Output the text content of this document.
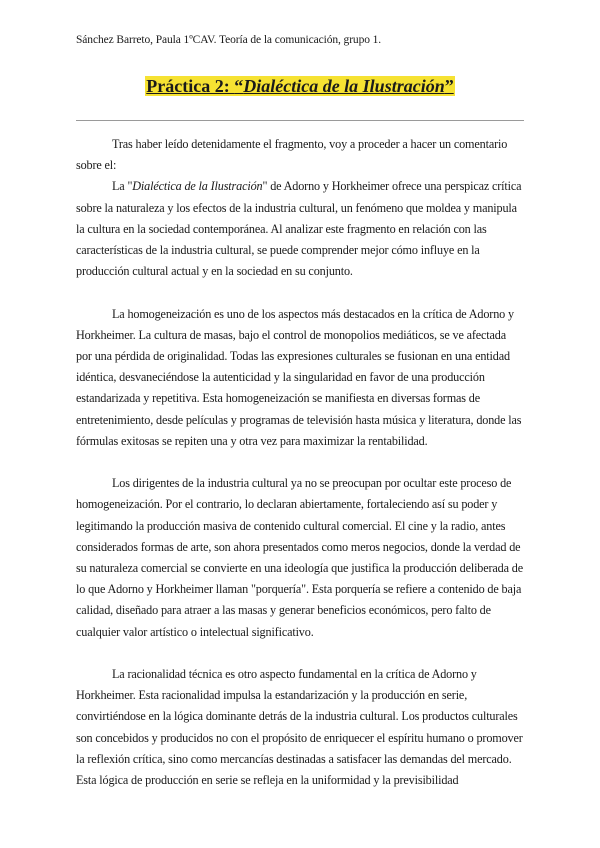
Sánchez Barreto, Paula 1ºCAV. Teoría de la comunicación, grupo 1.
Práctica 2: “Dialéctica de la Ilustración”

Tras haber leído detenidamente el fragmento, voy a proceder a hacer un comentario sobre el:

La "Dialéctica de la Ilustración" de Adorno y Horkheimer ofrece una perspicaz crítica sobre la naturaleza y los efectos de la industria cultural, un fenómeno que moldea y manipula la cultura en la sociedad contemporánea. Al analizar este fragmento en relación con las características de la industria cultural, se puede comprender mejor cómo influye en la producción cultural actual y en la sociedad en su conjunto.

La homogeneización es uno de los aspectos más destacados en la crítica de Adorno y Horkheimer. La cultura de masas, bajo el control de monopolios mediáticos, se ve afectada por una pérdida de originalidad. Todas las expresiones culturales se fusionan en una entidad idéntica, desvaneciéndose la autenticidad y la singularidad en favor de una producción estandarizada y repetitiva. Esta homogeneización se manifiesta en diversas formas de entretenimiento, desde películas y programas de televisión hasta música y literatura, donde las fórmulas exitosas se repiten una y otra vez para maximizar la rentabilidad.

Los dirigentes de la industria cultural ya no se preocupan por ocultar este proceso de homogeneización. Por el contrario, lo declaran abiertamente, fortaleciendo así su poder y legitimando la producción masiva de contenido cultural comercial. El cine y la radio, antes considerados formas de arte, son ahora presentados como meros negocios, donde la verdad de su naturaleza comercial se convierte en una ideología que justifica la producción deliberada de lo que Adorno y Horkheimer llaman "porquería". Esta porquería se refiere a contenido de baja calidad, diseñado para atraer a las masas y generar beneficios económicos, pero falto de cualquier valor artístico o intelectual significativo.

La racionalidad técnica es otro aspecto fundamental en la crítica de Adorno y Horkheimer. Esta racionalidad impulsa la estandarización y la producción en serie, convirtiéndose en la lógica dominante detrás de la industria cultural. Los productos culturales son concebidos y producidos no con el propósito de enriquecer el espíritu humano o promover la reflexión crítica, sino como mercancías destinadas a satisfacer las demandas del mercado. Esta lógica de producción en serie se refleja en la uniformidad y la previsibilidad
